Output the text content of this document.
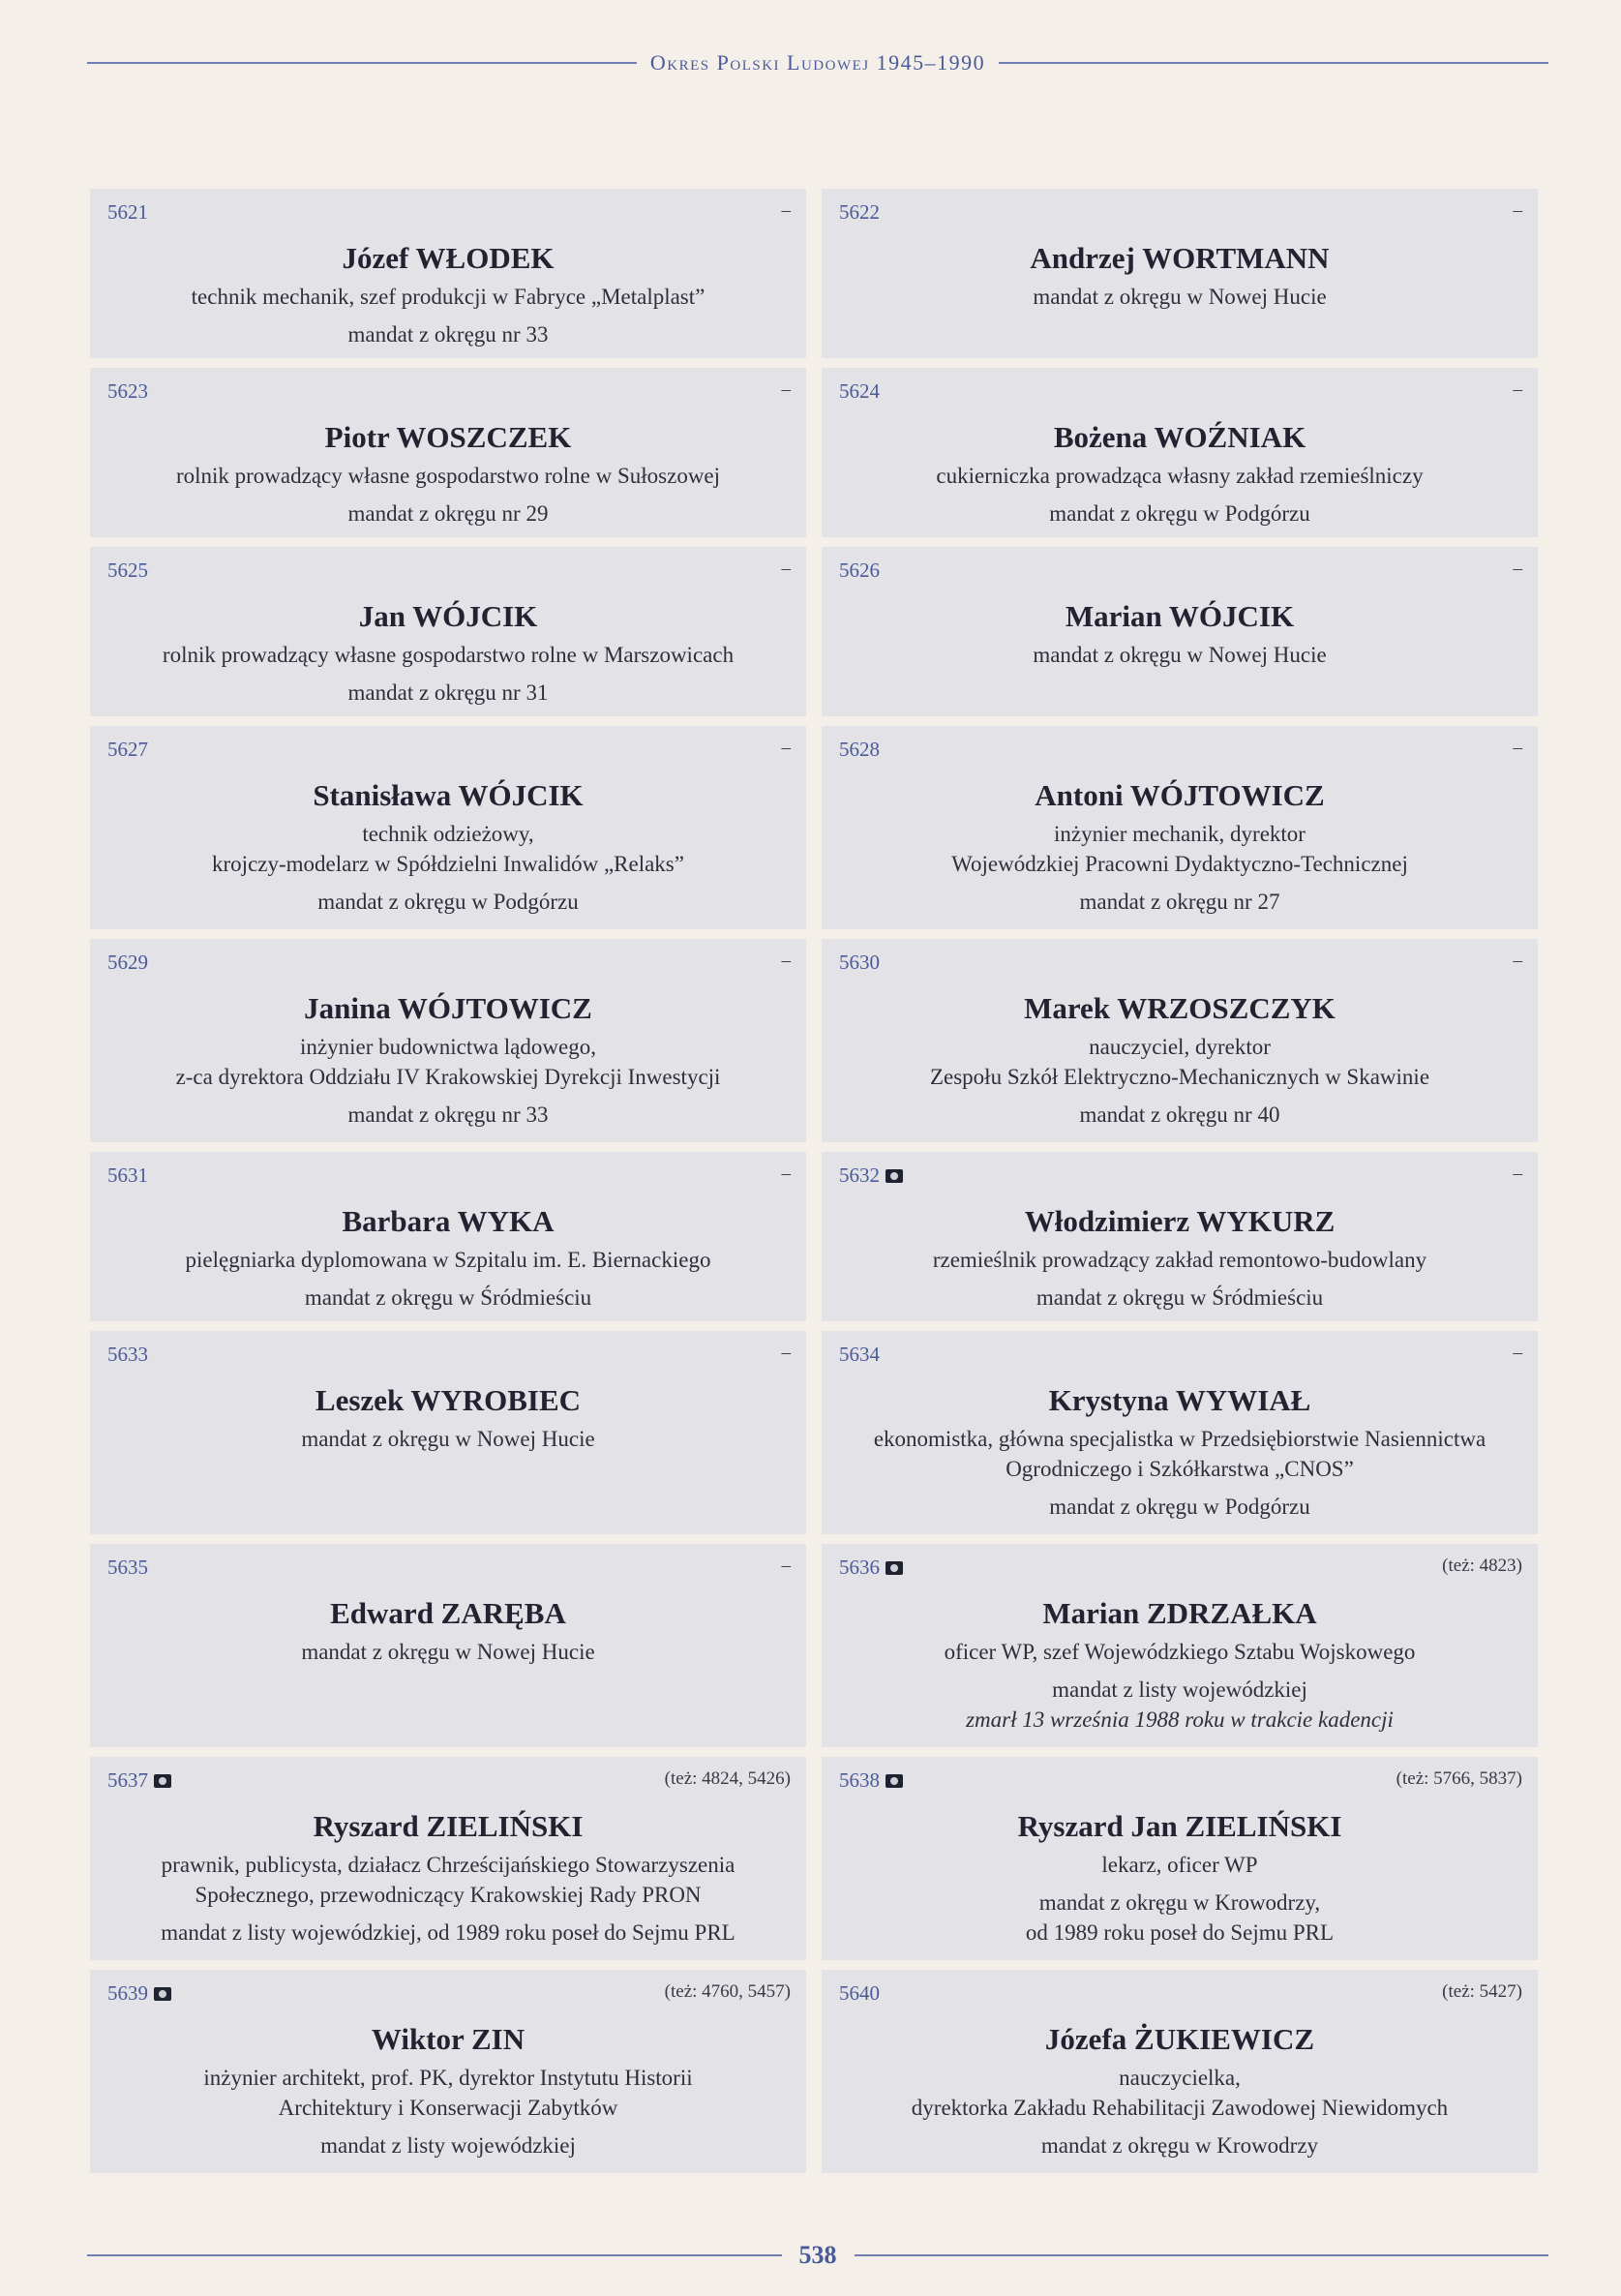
Okres Polski Ludowej 1945–1990
5621	–
Józef WŁODEK
technik mechanik, szef produkcji w Fabryce „Metalplast”
mandat z okręgu nr 33
5622	–
Andrzej WORTMANN
mandat z okręgu w Nowej Hucie
5623	–
Piotr WOSZCZEK
rolnik prowadzący własne gospodarstwo rolne w Sułoszowej
mandat z okręgu nr 29
5624	–
Bożena WOŹNIAK
cukierniczka prowadząca własny zakład rzemieślniczy
mandat z okręgu w Podgórzu
5625	–
Jan WÓJCIK
rolnik prowadzący własne gospodarstwo rolne w Marszowicach
mandat z okręgu nr 31
5626	–
Marian WÓJCIK
mandat z okręgu w Nowej Hucie
5627	–
Stanisława WÓJCIK
technik odzieżowy,
krojczy-modelarz w Spółdzielni Inwalidów „Relaks”
mandat z okręgu w Podgórzu
5628	–
Antoni WÓJTOWICZ
inżynier mechanik, dyrektor
Wojewódzkiej Pracowni Dydaktyczno-Technicznej
mandat z okręgu nr 27
5629	–
Janina WÓJTOWICZ
inżynier budownictwa lądowego,
z-ca dyrektora Oddziału IV Krakowskiej Dyrekcji Inwestycji
mandat z okręgu nr 33
5630	–
Marek WRZOSZCZYK
nauczyciel, dyrektor
Zespołu Szkół Elektryczno-Mechanicznych w Skawinie
mandat z okręgu nr 40
5631	–
Barbara WYKA
pielęgniarka dyplomowana w Szpitalu im. E. Biernackiego
mandat z okręgu w Śródmieściu
5632	–
Włodzimierz WYKURZ
rzemieślnik prowadzący zakład remontowo-budowlany
mandat z okręgu w Śródmieściu
5633	–
Leszek WYROBIEC
mandat z okręgu w Nowej Hucie
5634	–
Krystyna WYWIAŁ
ekonomistka, główna specjalistka w Przedsiębiorstwie Nasiennictwa
Ogrodniczego i Szkółkarstwa „CNOS”
mandat z okręgu w Podgórzu
5635	–
Edward ZARĘBA
mandat z okręgu w Nowej Hucie
5636	(też: 4823)
Marian ZDRZAŁKA
oficer WP, szef Wojewódzkiego Sztabu Wojskowego
mandat z listy wojewódzkiej
zmarł 13 września 1988 roku w trakcie kadencji
5637	(też: 4824, 5426)
Ryszard ZIELIŃSKI
prawnik, publicysta, działacz Chrześcijańskiego Stowarzyszenia
Społecznego, przewodniczący Krakowskiej Rady PRON
mandat z listy wojewódzkiej, od 1989 roku poseł do Sejmu PRL
5638	(też: 5766, 5837)
Ryszard Jan ZIELIŃSKI
lekarz, oficer WP
mandat z okręgu w Krowodrzy,
od 1989 roku poseł do Sejmu PRL
5639	(też: 4760, 5457)
Wiktor ZIN
inżynier architekt, prof. PK, dyrektor Instytutu Historii
Architektury i Konserwacji Zabytków
mandat z listy wojewódzkiej
5640	(też: 5427)
Józefa ŻUKIEWICZ
nauczycielka,
dyrektorka Zakładu Rehabilitacji Zawodowej Niewidomych
mandat z okręgu w Krowodrzy
538
